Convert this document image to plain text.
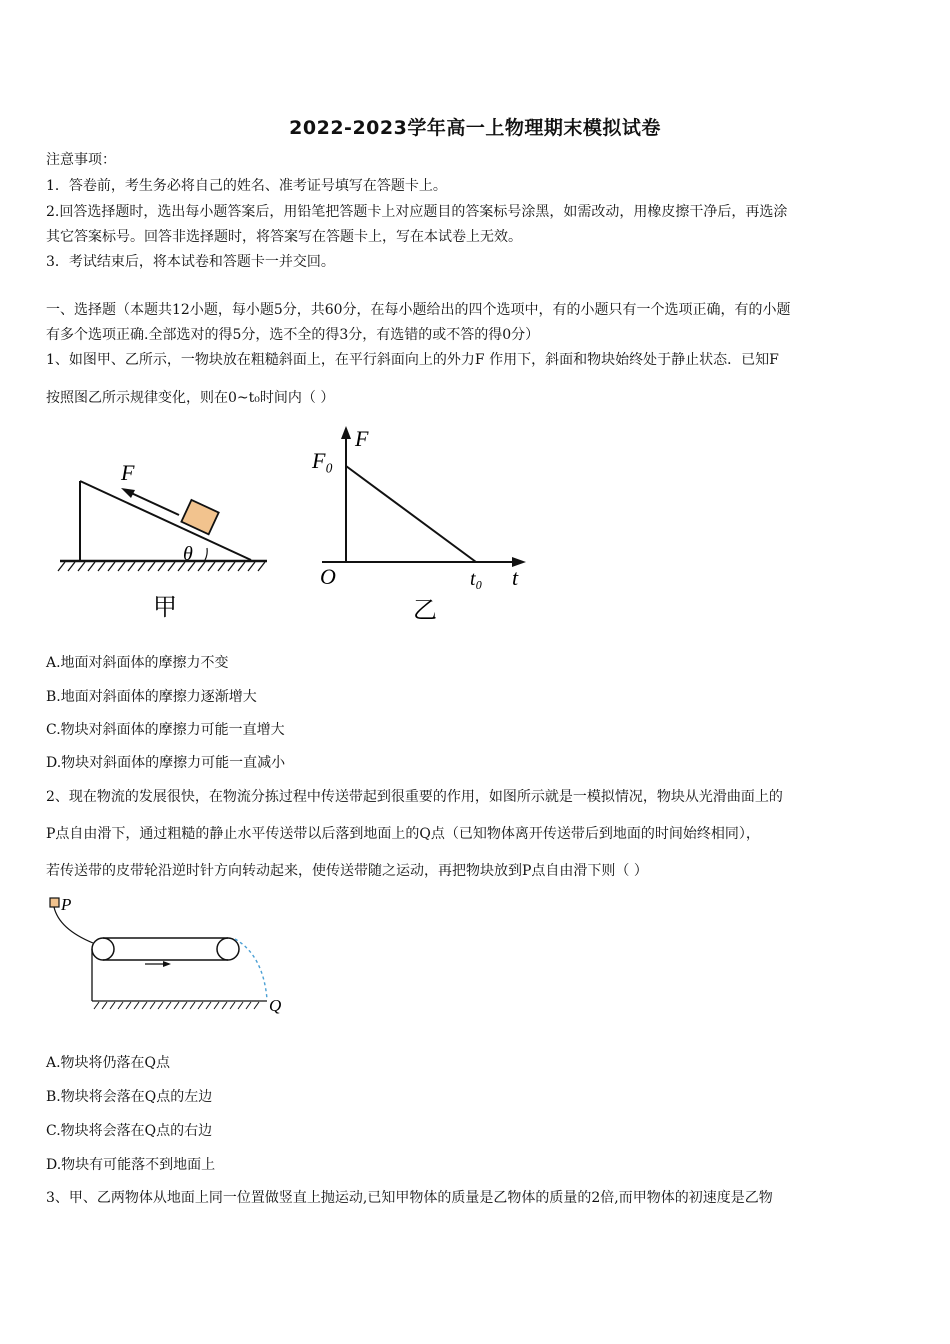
2022-2023学年高一上物理期末模拟试卷
注意事项：
1．答卷前，考生务必将自己的姓名、准考证号填写在答题卡上。
2.回答选择题时，选出每小题答案后，用铅笔把答题卡上对应题目的答案标号涂黑，如需改动，用橡皮擦干净后，再选涂
其它答案标号。回答非选择题时，将答案写在答题卡上，写在本试卷上无效。
3．考试结束后，将本试卷和答题卡一并交回。
一、选择题（本题共12小题，每小题5分，共60分，在每小题给出的四个选项中，有的小题只有一个选项正确，有的小题
有多个选项正确.全部选对的得5分，选不全的得3分，有选错的或不答的得0分）
1、如图甲、乙所示，一物块放在粗糙斜面上，在平行斜面向上的外力F 作用下，斜面和物块始终处于静止状态．已知F
按照图乙所示规律变化，则在0~t₀时间内（ ）
F
θ
甲
F
F₀
O	t₀ t
乙
A.地面对斜面体的摩擦力不变
B.地面对斜面体的摩擦力逐渐增大
C.物块对斜面体的摩擦力可能一直增大
D.物块对斜面体的摩擦力可能一直减小
2、现在物流的发展很快，在物流分拣过程中传送带起到很重要的作用，如图所示就是一模拟情况，物块从光滑曲面上的
P点自由滑下，通过粗糙的静止水平传送带以后落到地面上的Q点（已知物体离开传送带后到地面的时间始终相同），
若传送带的皮带轮沿逆时针方向转动起来，使传送带随之运动，再把物块放到P点自由滑下则（ ）
P
Q
A.物块将仍落在Q点
B.物块将会落在Q点的左边
C.物块将会落在Q点的右边
D.物块有可能落不到地面上
3、甲、乙两物体从地面上同一位置做竖直上抛运动,已知甲物体的质量是乙物体的质量的2倍,而甲物体的初速度是乙物
